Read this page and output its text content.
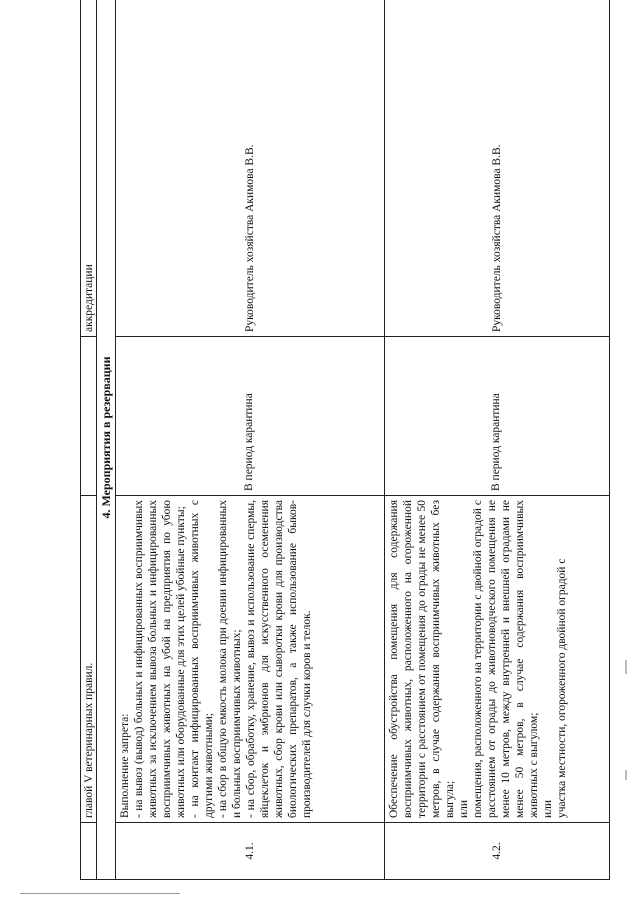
	главой V ветеринарных правил.		аккредитации
4. Мероприятия в резервации			
4.1.	Выполнение запрета: - на вывоз (вывод) больных и инфицированных восприимчивых животных за исключением вывоза больных и инфицированных восприимчивых животных на убой на предприятия по убою животных или оборудованные для этих целей убойные пункты; - на контакт инфицированных восприимчивых животных с другими животными; - на сбор в общую емкость молока при доении инфицированных и больных восприимчивых животных; - на сбор, обработку, хранение, вывоз и использование спермы, яйцеклеток и эмбрионов для искусственного осеменения животных, сбор крови или сыворотки крови для производства биологических препаратов, а также использование быков-производителей для случки коров и телок.	В период карантина	Руководитель хозяйства Акимова В.В.
4.2.	Обеспечение обустройства помещения для содержания восприимчивых животных, расположенного на огороженной территории с расстоянием от помещения до ограды не менее 50 метров, в случае содержания восприимчивых животных без выгула; или помещения, расположенного на территории с двойной оградой с расстоянием от ограды до животноводческого помещения не менее 10 метров, между внутренней и внешней оградами не менее 50 метров, в случае содержания восприимчивых животных с выгулом; или участка местности, огороженного двойной оградой с	В период карантина	Руководитель хозяйства Акимова В.В.
